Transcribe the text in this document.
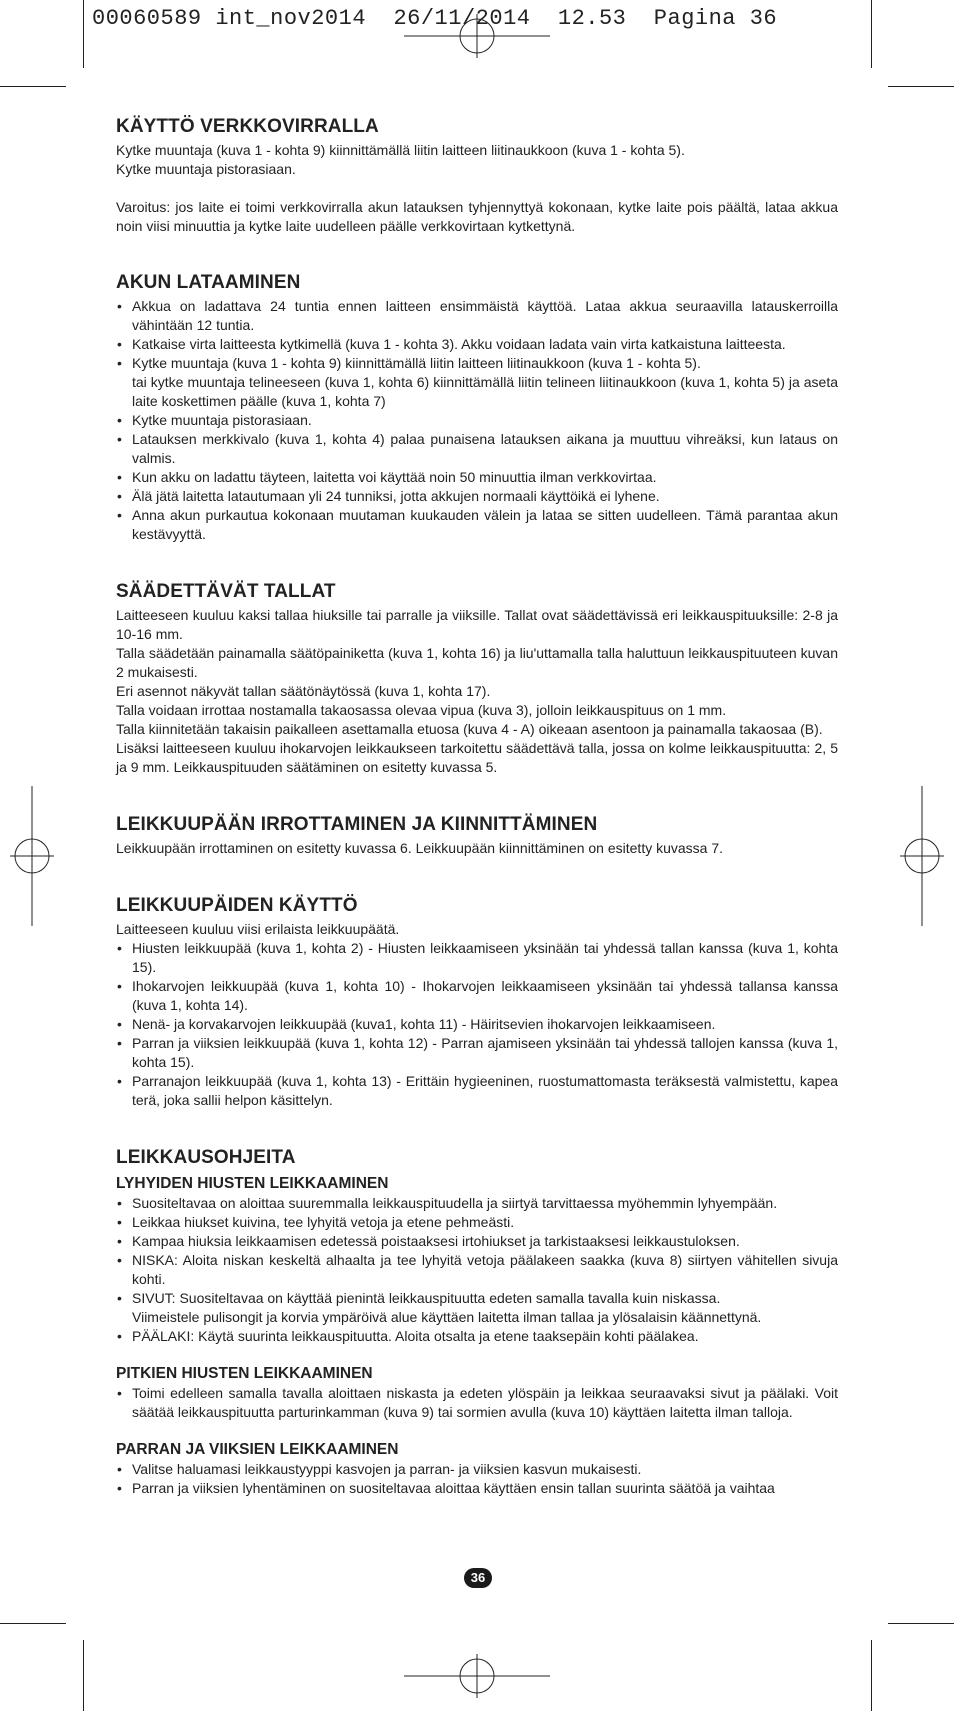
00060589 int_nov2014  26/11/2014  12.53  Pagina 36
KÄYTTÖ VERKKOVIRRALLA

Kytke muuntaja (kuva 1 - kohta 9) kiinnittämällä liitin laitteen liitinaukkoon (kuva 1 - kohta 5).

Kytke muuntaja pistorasiaan.

Varoitus: jos laite ei toimi verkkovirralla akun latauksen tyhjennyttyä kokonaan, kytke laite pois päältä, lataa akkua noin viisi minuuttia ja kytke laite uudelleen päälle verkkovirtaan kytkettynä.

AKUN LATAAMINEN
• Akkua on ladattava 24 tuntia ennen laitteen ensimmäistä käyttöä. Lataa akkua seuraavilla latauskerroilla vähintään 12 tuntia.
• Katkaise virta laitteesta kytkimellä (kuva 1 - kohta 3). Akku voidaan ladata vain virta katkaistuna laitteesta.
• Kytke muuntaja (kuva 1 - kohta 9) kiinnittämällä liitin laitteen liitinaukkoon (kuva 1 - kohta 5).
tai kytke muuntaja telineeseen (kuva 1, kohta 6) kiinnittämällä liitin telineen liitinaukkoon (kuva 1, kohta 5) ja aseta laite koskettimen päälle (kuva 1, kohta 7)
• Kytke muuntaja pistorasiaan.
• Latauksen merkkivalo (kuva 1, kohta 4) palaa punaisena latauksen aikana ja muuttuu vihreäksi, kun lataus on valmis.
• Kun akku on ladattu täyteen, laitetta voi käyttää noin 50 minuuttia ilman verkkovirtaa.
• Älä jätä laitetta latautumaan yli 24 tunniksi, jotta akkujen normaali käyttöikä ei lyhene.
• Anna akun purkautua kokonaan muutaman kuukauden välein ja lataa se sitten uudelleen. Tämä parantaa akun kestävyyttä.
SÄÄDETTÄVÄT TALLAT

Laitteeseen kuuluu kaksi tallaa hiuksille tai parralle ja viiksille. Tallat ovat säädettävissä eri leikkauspituuksille: 2-8 ja 10-16 mm.

Talla säädetään painamalla säätöpainiketta (kuva 1, kohta 16) ja liu'uttamalla talla haluttuun leikkauspituuteen kuvan 2 mukaisesti.

Eri asennot näkyvät tallan säätönäytössä (kuva 1, kohta 17).

Talla voidaan irrottaa nostamalla takaosassa olevaa vipua (kuva 3), jolloin leikkauspituus on 1 mm.

Talla kiinnitetään takaisin paikalleen asettamalla etuosa (kuva 4 - A) oikeaan asentoon ja painamalla takaosaa (B).

Lisäksi laitteeseen kuuluu ihokarvojen leikkaukseen tarkoitettu säädettävä talla, jossa on kolme leikkauspituutta: 2, 5 ja 9 mm. Leikkauspituuden säätäminen on esitetty kuvassa 5.

LEIKKUUPÄÄN IRROTTAMINEN JA KIINNITTÄMINEN

Leikkuupään irrottaminen on esitetty kuvassa 6. Leikkuupään kiinnittäminen on esitetty kuvassa 7.

LEIKKUUPÄIDEN KÄYTTÖ

Laitteeseen kuuluu viisi erilaista leikkuupäätä.

• Hiusten leikkuupää (kuva 1, kohta 2) - Hiusten leikkaamiseen yksinään tai yhdessä tallan kanssa (kuva 1, kohta 15).
• Ihokarvojen leikkuupää (kuva 1, kohta 10) - Ihokarvojen leikkaamiseen yksinään tai yhdessä tallansa kanssa (kuva 1, kohta 14).
• Nenä- ja korvakarvojen leikkuupää (kuva1, kohta 11) - Häiritsevien ihokarvojen leikkaamiseen.
• Parran ja viiksien leikkuupää (kuva 1, kohta 12) - Parran ajamiseen yksinään tai yhdessä tallojen kanssa (kuva 1, kohta 15).
• Parranajon leikkuupää (kuva 1, kohta 13) - Erittäin hygieeninen, ruostumattomasta teräksestä valmistettu, kapea terä, joka sallii helpon käsittelyn.
LEIKKAUSOHJEITA
LYHYIDEN HIUSTEN LEIKKAAMINEN
• Suositeltavaa on aloittaa suuremmalla leikkauspituudella ja siirtyä tarvittaessa myöhemmin lyhyempään.
• Leikkaa hiukset kuivina, tee lyhyitä vetoja ja etene pehmeästi.
• Kampaa hiuksia leikkaamisen edetessä poistaaksesi irtohiukset ja tarkistaaksesi leikkaustuloksen.
• NISKA: Aloita niskan keskeltä alhaalta ja tee lyhyitä vetoja päälakeen saakka (kuva 8) siirtyen vähitellen sivuja kohti.
• SIVUT: Suositeltavaa on käyttää pienintä leikkauspituutta edeten samalla tavalla kuin niskassa.
Viimeistele pulisongit ja korvia ympäröivä alue käyttäen laitetta ilman tallaa ja ylösalaisin käännettynä.
• PÄÄLAKI: Käytä suurinta leikkauspituutta. Aloita otsalta ja etene taaksepäin kohti päälakea.
PITKIEN HIUSTEN LEIKKAAMINEN
• Toimi edelleen samalla tavalla aloittaen niskasta ja edeten ylöspäin ja leikkaa seuraavaksi sivut ja päälaki. Voit säätää leikkauspituutta parturinkamman (kuva 9) tai sormien avulla (kuva 10) käyttäen laitetta ilman talloja.
PARRAN JA VIIKSIEN LEIKKAAMINEN
• Valitse haluamasi leikkaustyyppi kasvojen ja parran- ja viiksien kasvun mukaisesti.
• Parran ja viiksien lyhentäminen on suositeltavaa aloittaa käyttäen ensin tallan suurinta säätöä ja vaihtaa
36
